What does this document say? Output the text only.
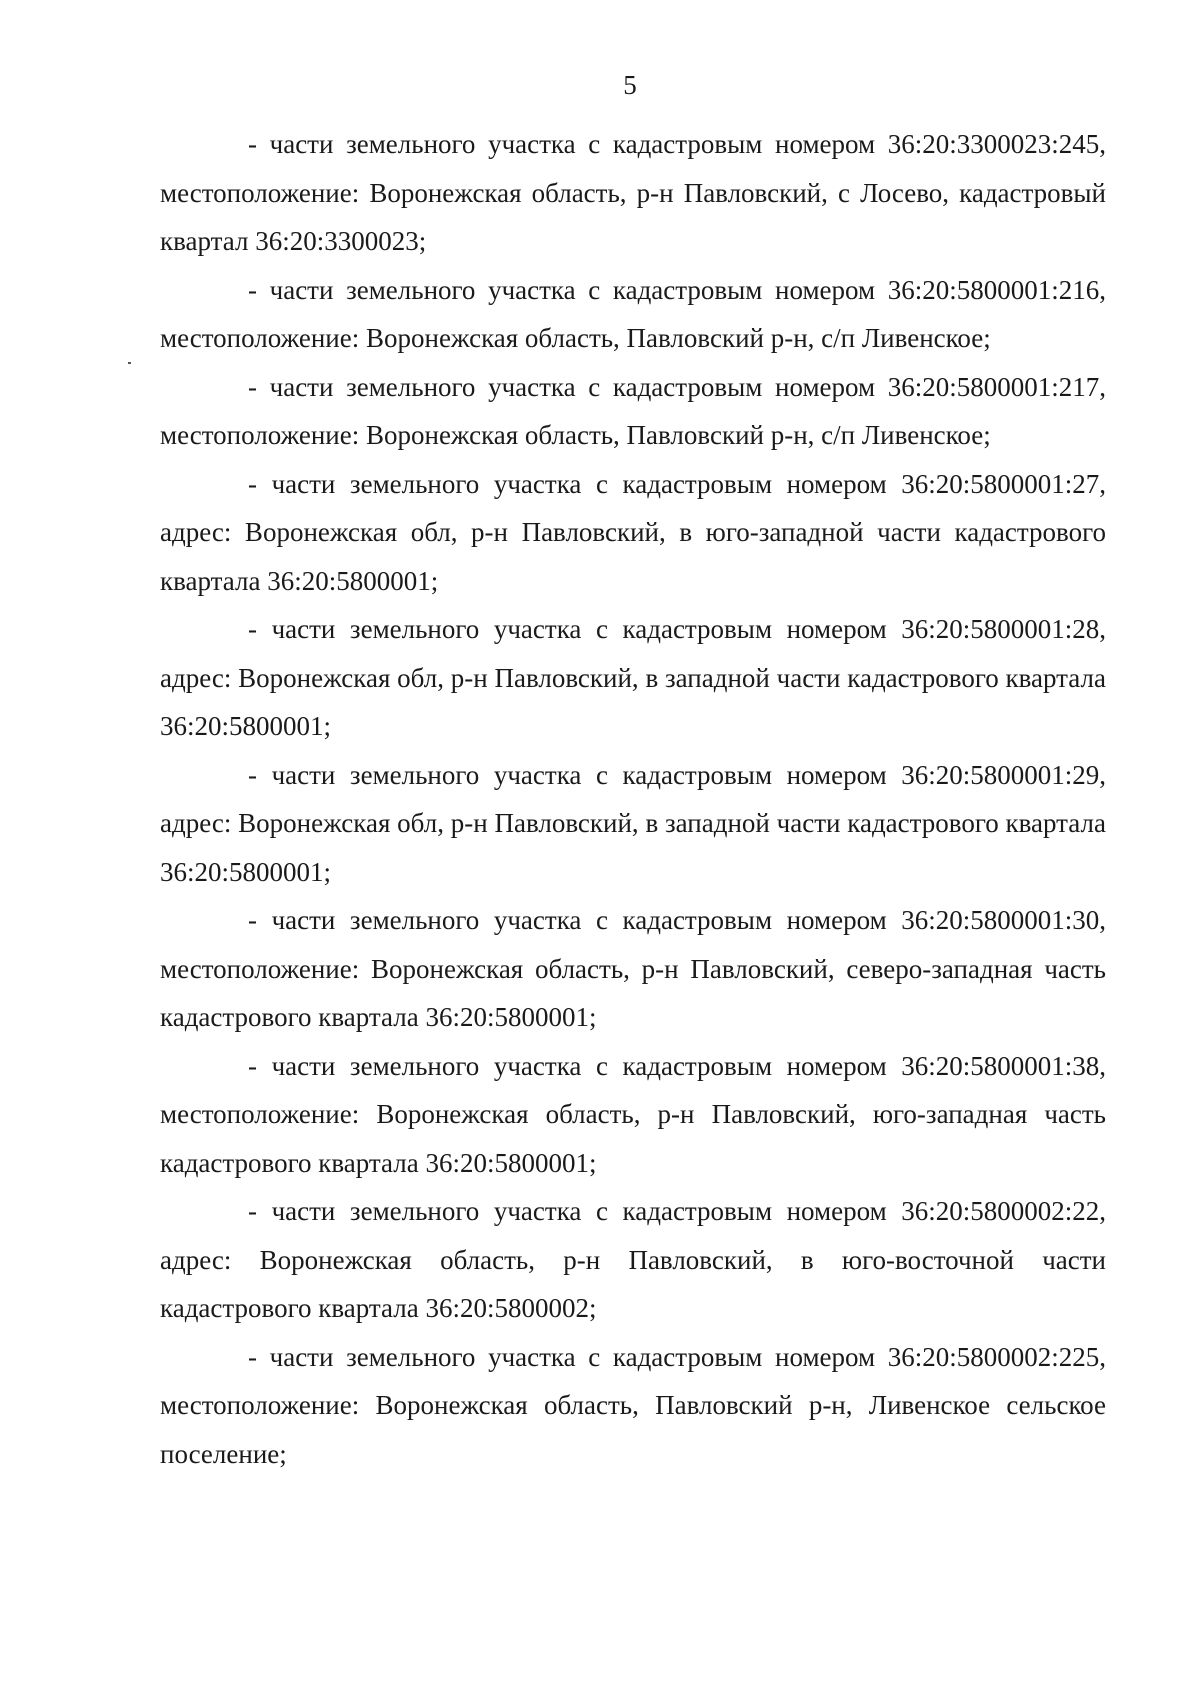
5

- части земельного участка с кадастровым номером 36:20:3300023:245, местоположение: Воронежская область, р-н Павловский, с Лосево, кадастровый квартал 36:20:3300023;

- части земельного участка с кадастровым номером 36:20:5800001:216, местоположение: Воронежская область, Павловский р-н, с/п Ливенское;

- части земельного участка с кадастровым номером 36:20:5800001:217, местоположение: Воронежская область, Павловский р-н, с/п Ливенское;

- части земельного участка с кадастровым номером 36:20:5800001:27, адрес: Воронежская обл, р-н Павловский, в юго-западной части кадастрового квартала 36:20:5800001;

- части земельного участка с кадастровым номером 36:20:5800001:28, адрес: Воронежская обл, р-н Павловский, в западной части кадастрового квартала 36:20:5800001;

- части земельного участка с кадастровым номером 36:20:5800001:29, адрес: Воронежская обл, р-н Павловский, в западной части кадастрового квартала 36:20:5800001;

- части земельного участка с кадастровым номером 36:20:5800001:30, местоположение: Воронежская область, р-н Павловский, северо-западная часть кадастрового квартала 36:20:5800001;

- части земельного участка с кадастровым номером 36:20:5800001:38, местоположение: Воронежская область, р-н Павловский, юго-западная часть кадастрового квартала 36:20:5800001;

- части земельного участка с кадастровым номером 36:20:5800002:22, адрес: Воронежская область, р-н Павловский, в юго-восточной части кадастрового квартала 36:20:5800002;

- части земельного участка с кадастровым номером 36:20:5800002:225, местоположение: Воронежская область, Павловский р-н, Ливенское сельское поселение;
